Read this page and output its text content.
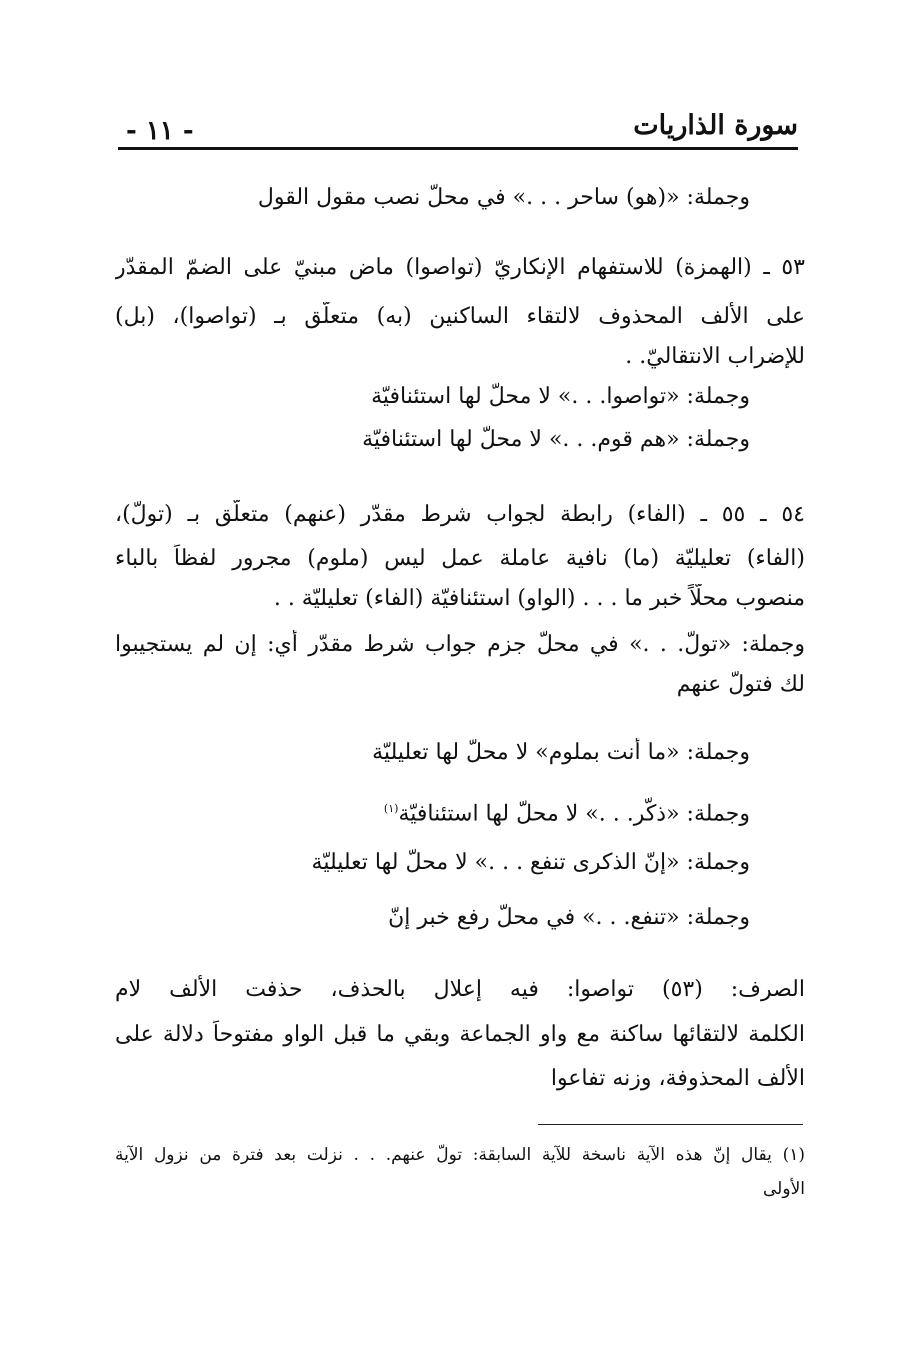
سورة الذاريات
- ١١ -
وجملة: «(هو) ساحر . . .» في محلّ نصب مقول القول
٥٣ ـ (الهمزة) للاستفهام الإنكاريّ (تواصوا) ماض مبنيّ على الضمّ المقدّر
على الألف المحذوف لالتقاء الساكنين (به) متعلّق بـ (تواصوا)، (بل)
للإضراب الانتقاليّ. .
وجملة: «تواصوا. . .» لا محلّ لها استئنافيّة
وجملة: «هم قوم. . .» لا محلّ لها استئنافيّة
٥٤ ـ ٥٥ ـ (الفاء) رابطة لجواب شرط مقدّر (عنهم) متعلّق بـ (تولّ)،
(الفاء) تعليليّة (ما) نافية عاملة عمل ليس (ملوم) مجرور لفظاً بالباء
منصوب محلّاً خبر ما . . . (الواو) استئنافيّة (الفاء) تعليليّة . .
وجملة: «تولّ. . .» في محلّ جزم جواب شرط مقدّر أي: إن لم يستجيبوا
لك فتولّ عنهم
وجملة: «ما أنت بملوم» لا محلّ لها تعليليّة
وجملة: «ذكّر. . .» لا محلّ لها استئنافيّة$^{(١)}$
وجملة: «إنّ الذكرى تنفع . . .» لا محلّ لها تعليليّة
وجملة: «تنفع. . .» في محلّ رفع خبر إنّ
الصرف: (٥٣) تواصوا: فيه إعلال بالحذف، حذفت الألف لام
الكلمة لالتقائها ساكنة مع واو الجماعة وبقي ما قبل الواو مفتوحاً دلالة على
الألف المحذوفة، وزنه تفاعوا
(١) يقال إنّ هذه الآية ناسخة للآية السابقة: تولّ عنهم. . . نزلت بعد فترة من نزول الآية
الأولى
